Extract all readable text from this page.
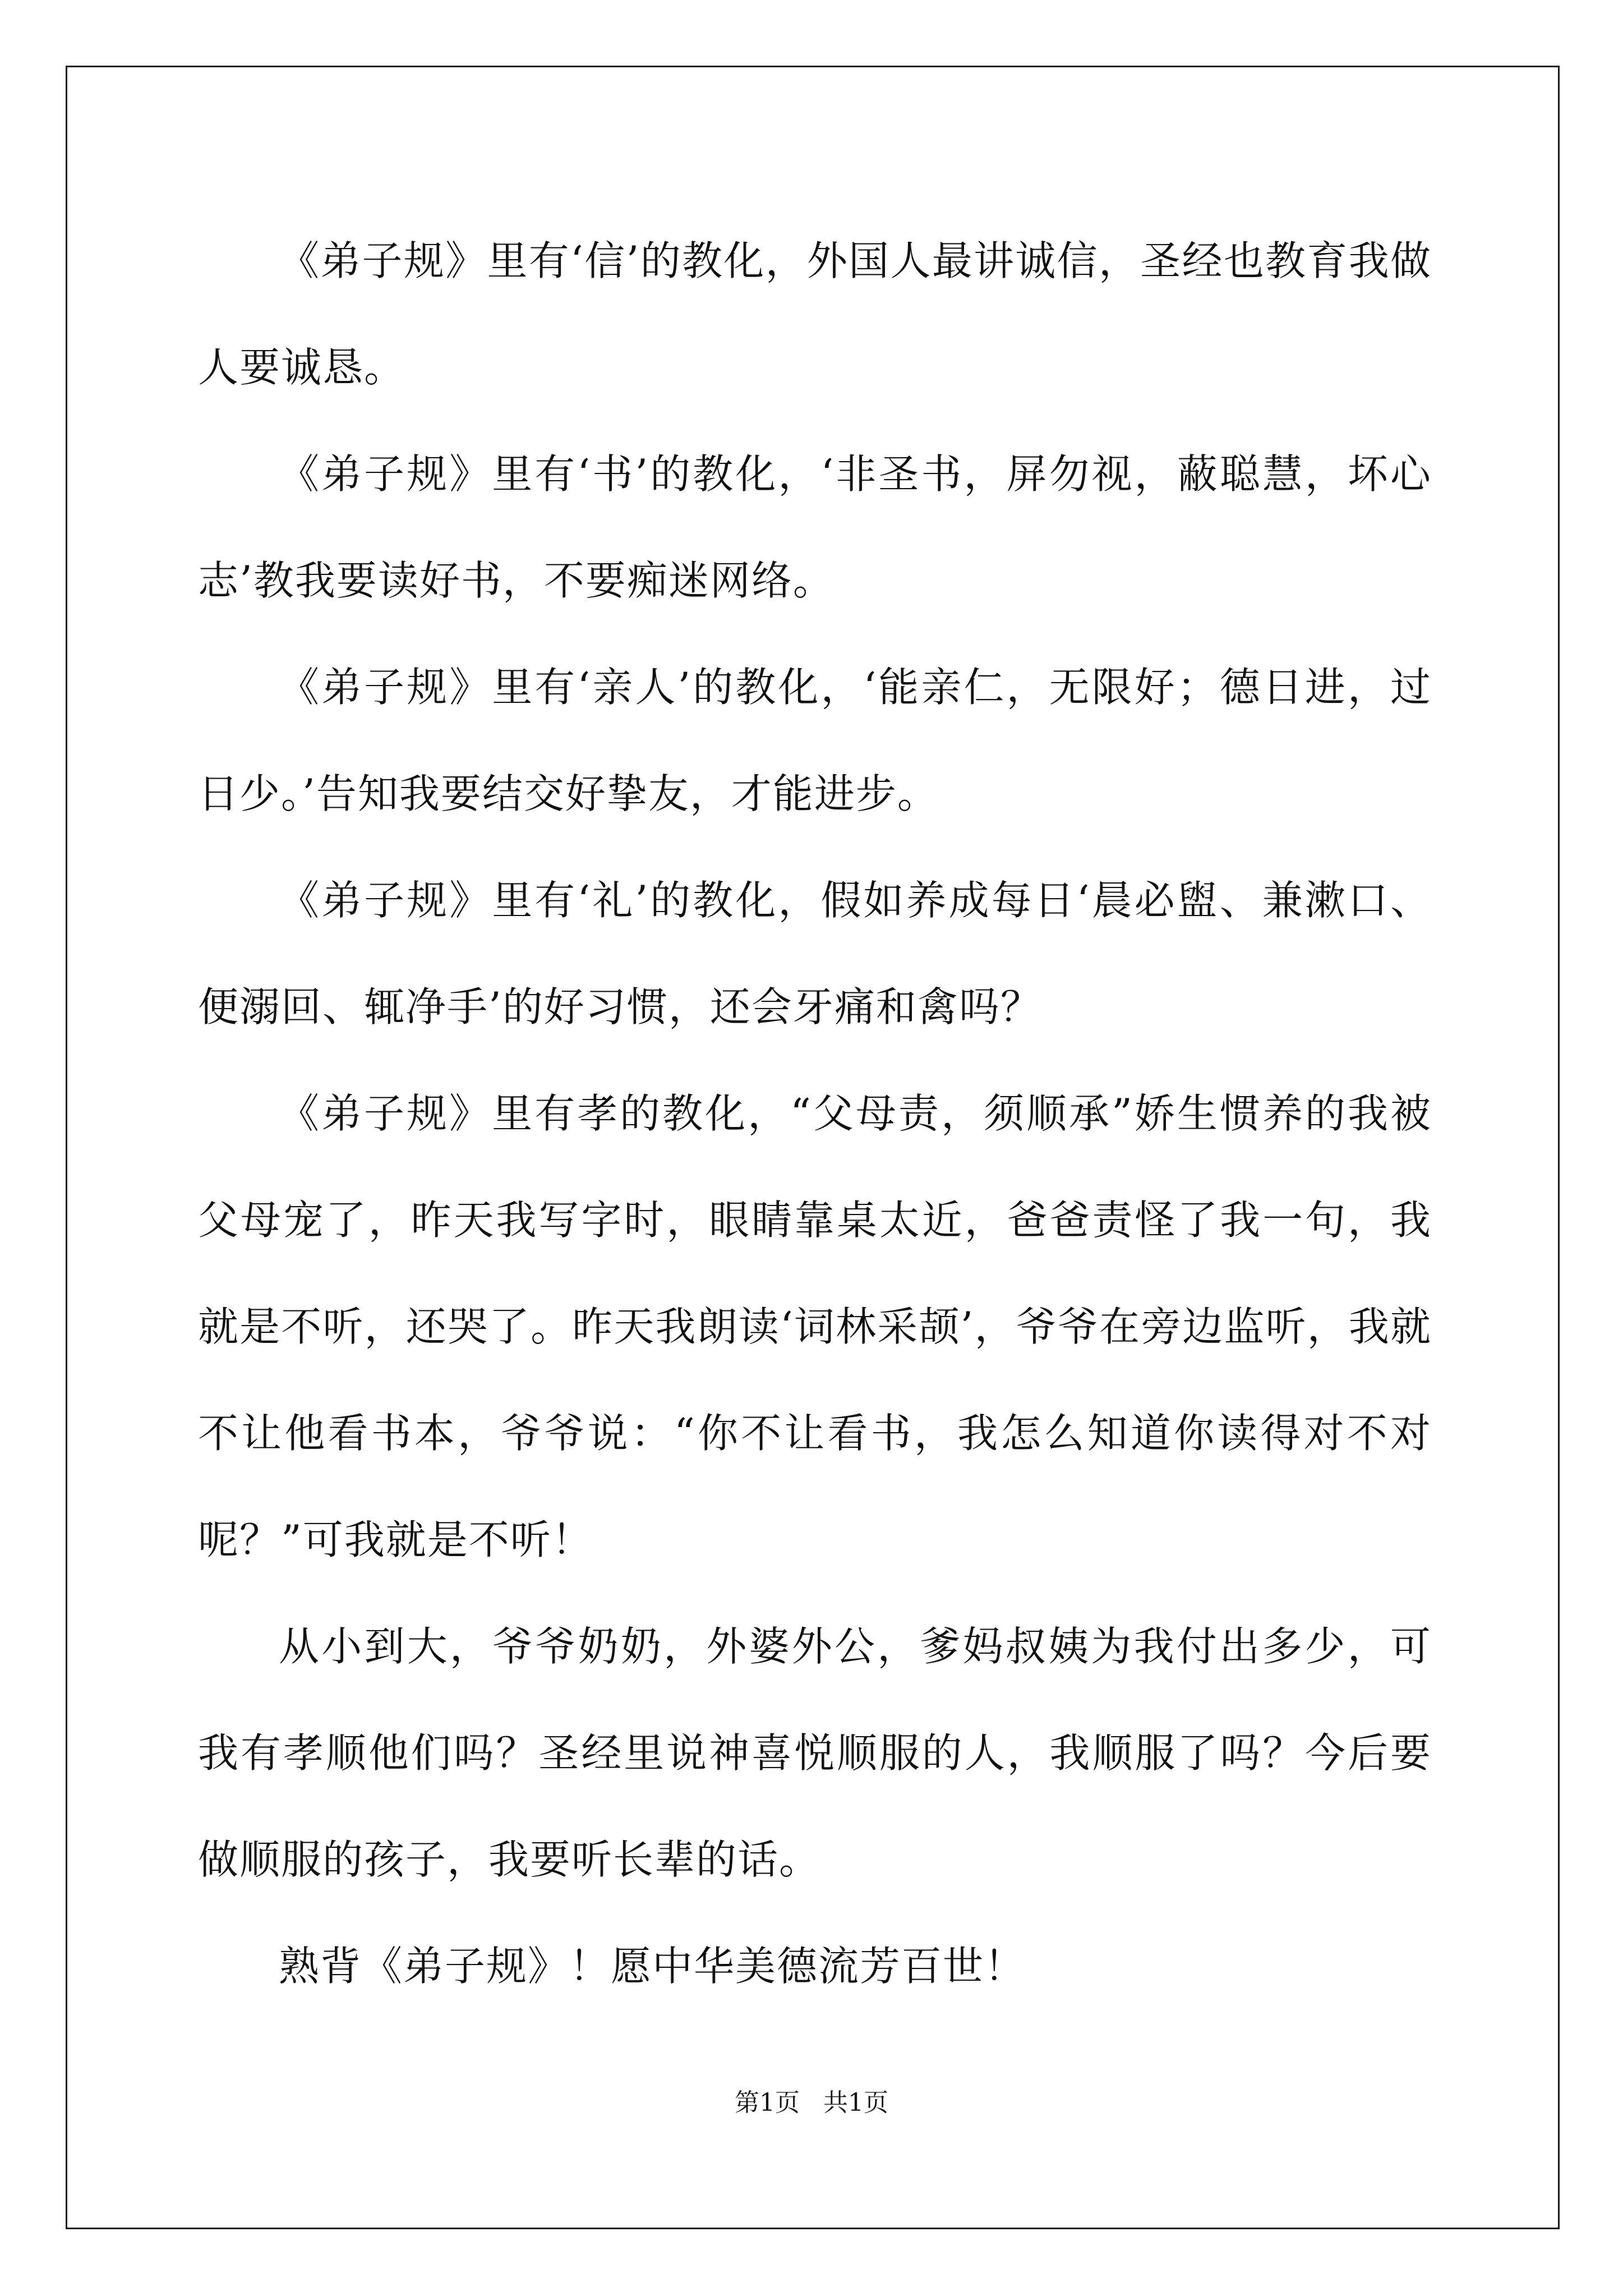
《弟子规》里有‘信’的教化，外国人最讲诚信，圣经也教育我做人要诚恳。

《弟子规》里有‘书’的教化，‘非圣书，屏勿视，蔽聪慧，坏心志’教我要读好书，不要痴迷网络。

《弟子规》里有‘亲人’的教化，‘能亲仁，无限好；德日进，过日少。’告知我要结交好挚友，才能进步。

《弟子规》里有‘礼’的教化，假如养成每日‘晨必盥、兼漱口、便溺回、辄净手’的好习惯，还会牙痛和禽吗？

《弟子规》里有孝的教化，“父母责，须顺承”娇生惯养的我被父母宠了，昨天我写字时，眼睛靠桌太近，爸爸责怪了我一句，我就是不听，还哭了。昨天我朗读‘词林采颉’，爷爷在旁边监听，我就不让他看书本，爷爷说：“你不让看书，我怎么知道你读得对不对呢？”可我就是不听！

从小到大，爷爷奶奶，外婆外公，爹妈叔姨为我付出多少，可我有孝顺他们吗？圣经里说神喜悦顺服的人，我顺服了吗？今后要做顺服的孩子，我要听长辈的话。

熟背《弟子规》！愿中华美德流芳百世！

第1页 共1页
